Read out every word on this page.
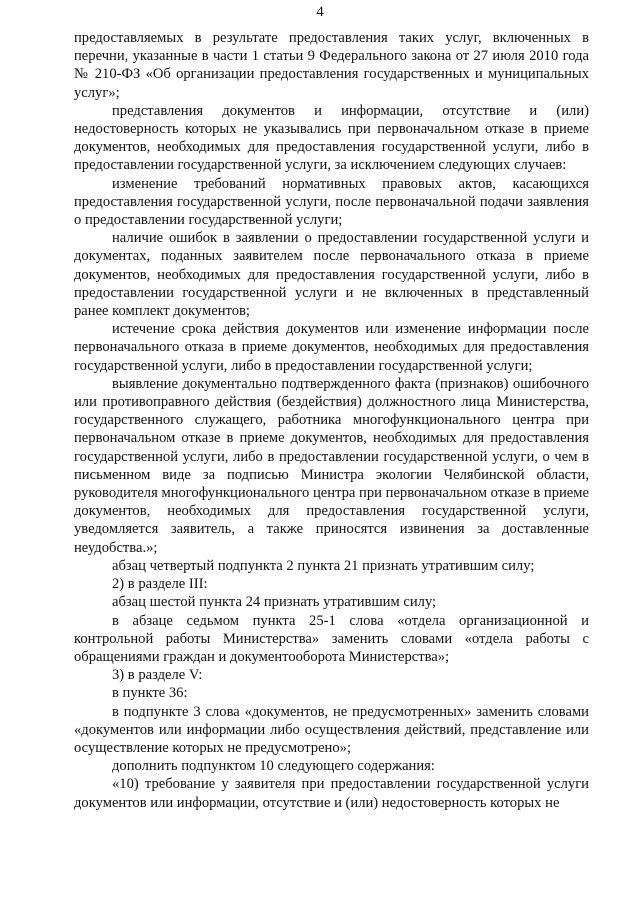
4

предоставляемых в результате предоставления таких услуг, включенных в перечни, указанные в части 1 статьи 9 Федерального закона от 27 июля 2010 года № 210-ФЗ «Об организации предоставления государственных и муниципальных услуг»;

представления документов и информации, отсутствие и (или) недостоверность которых не указывались при первоначальном отказе в приеме документов, необходимых для предоставления государственной услуги, либо в предоставлении государственной услуги, за исключением следующих случаев:

изменение требований нормативных правовых актов, касающихся предоставления государственной услуги, после первоначальной подачи заявления о предоставлении государственной услуги;

наличие ошибок в заявлении о предоставлении государственной услуги и документах, поданных заявителем после первоначального отказа в приеме документов, необходимых для предоставления государственной услуги, либо в предоставлении государственной услуги и не включенных в представленный ранее комплект документов;

истечение срока действия документов или изменение информации после первоначального отказа в приеме документов, необходимых для предоставления государственной услуги, либо в предоставлении государственной услуги;

выявление документально подтвержденного факта (признаков) ошибочного или противоправного действия (бездействия) должностного лица Министерства, государственного служащего, работника многофункционального центра при первоначальном отказе в приеме документов, необходимых для предоставления государственной услуги, либо в предоставлении государственной услуги, о чем в письменном виде за подписью Министра экологии Челябинской области, руководителя многофункционального центра при первоначальном отказе в приеме документов, необходимых для предоставления государственной услуги, уведомляется заявитель, а также приносятся извинения за доставленные неудобства.»;

абзац четвертый подпункта 2 пункта 21 признать утратившим силу;

2) в разделе III:

абзац шестой пункта 24 признать утратившим силу;

в абзаце седьмом пункта 25-1 слова «отдела организационной и контрольной работы Министерства» заменить словами «отдела работы с обращениями граждан и документооборота Министерства»;

3) в разделе V:

в пункте 36:

в подпункте 3 слова «документов, не предусмотренных» заменить словами «документов или информации либо осуществления действий, представление или осуществление которых не предусмотрено»;

дополнить подпунктом 10 следующего содержания:

«10) требование у заявителя при предоставлении государственной услуги документов или информации, отсутствие и (или) недостоверность которых не
